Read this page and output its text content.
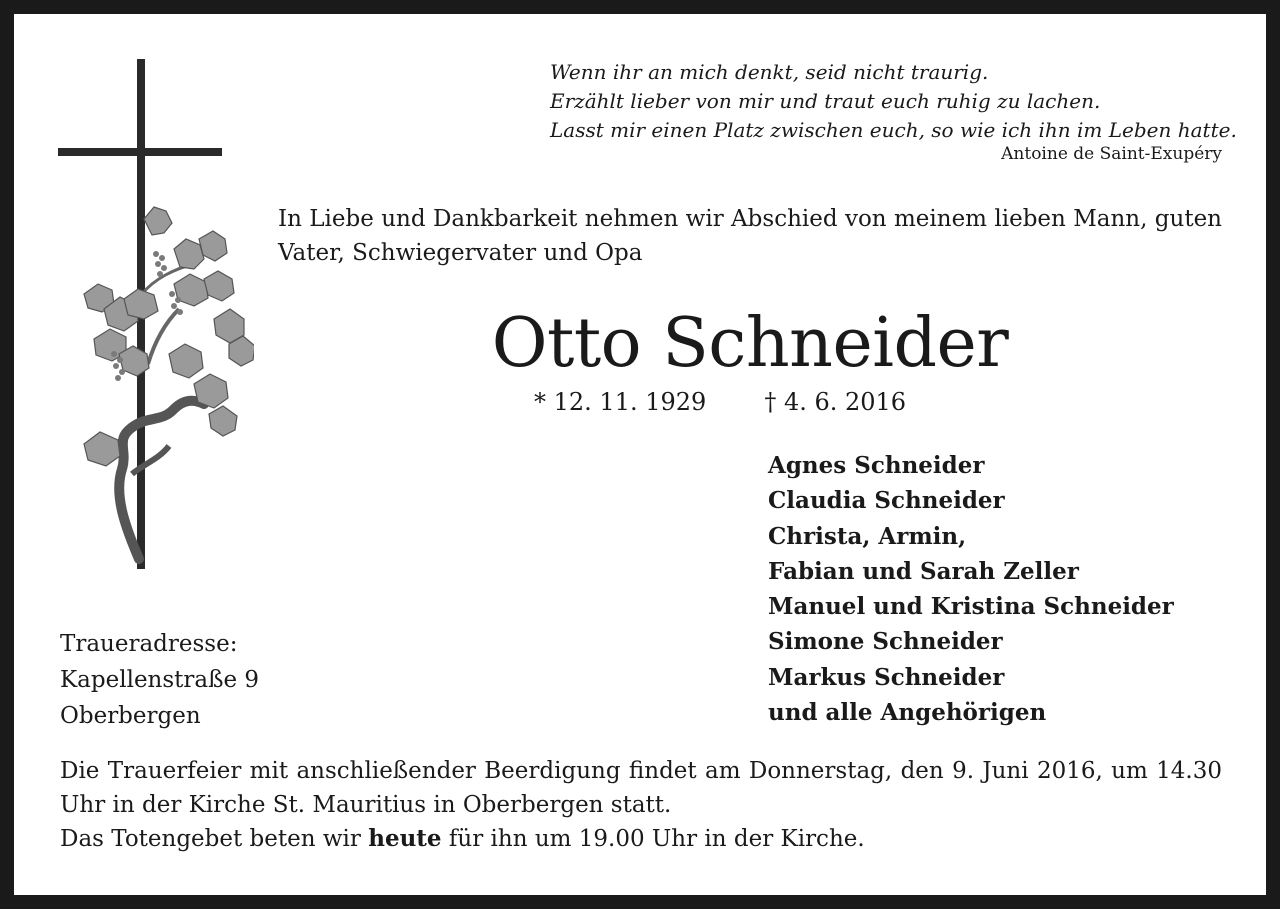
Wenn ihr an mich denkt, seid nicht traurig.
Erzählt lieber von mir und traut euch ruhig zu lachen.
Lasst mir einen Platz zwischen euch, so wie ich ihn im Leben hatte.
Antoine de Saint-Exupéry
In Liebe und Dankbarkeit nehmen wir Abschied von meinem lieben Mann, guten Vater, Schwiegervater und Opa
Otto Schneider
* 12. 11. 1929 † 4. 6. 2016
Agnes Schneider
Claudia Schneider
Christa, Armin,
Fabian und Sarah Zeller
Manuel und Kristina Schneider
Simone Schneider
Markus Schneider
und alle Angehörigen
Traueradresse:
Kapellenstraße 9
Oberbergen
Die Trauerfeier mit anschließender Beerdigung findet am Donnerstag, den 9. Juni 2016, um 14.30 Uhr in der Kirche St. Mauritius in Oberbergen statt.
Das Totengebet beten wir heute für ihn um 19.00 Uhr in der Kirche.
